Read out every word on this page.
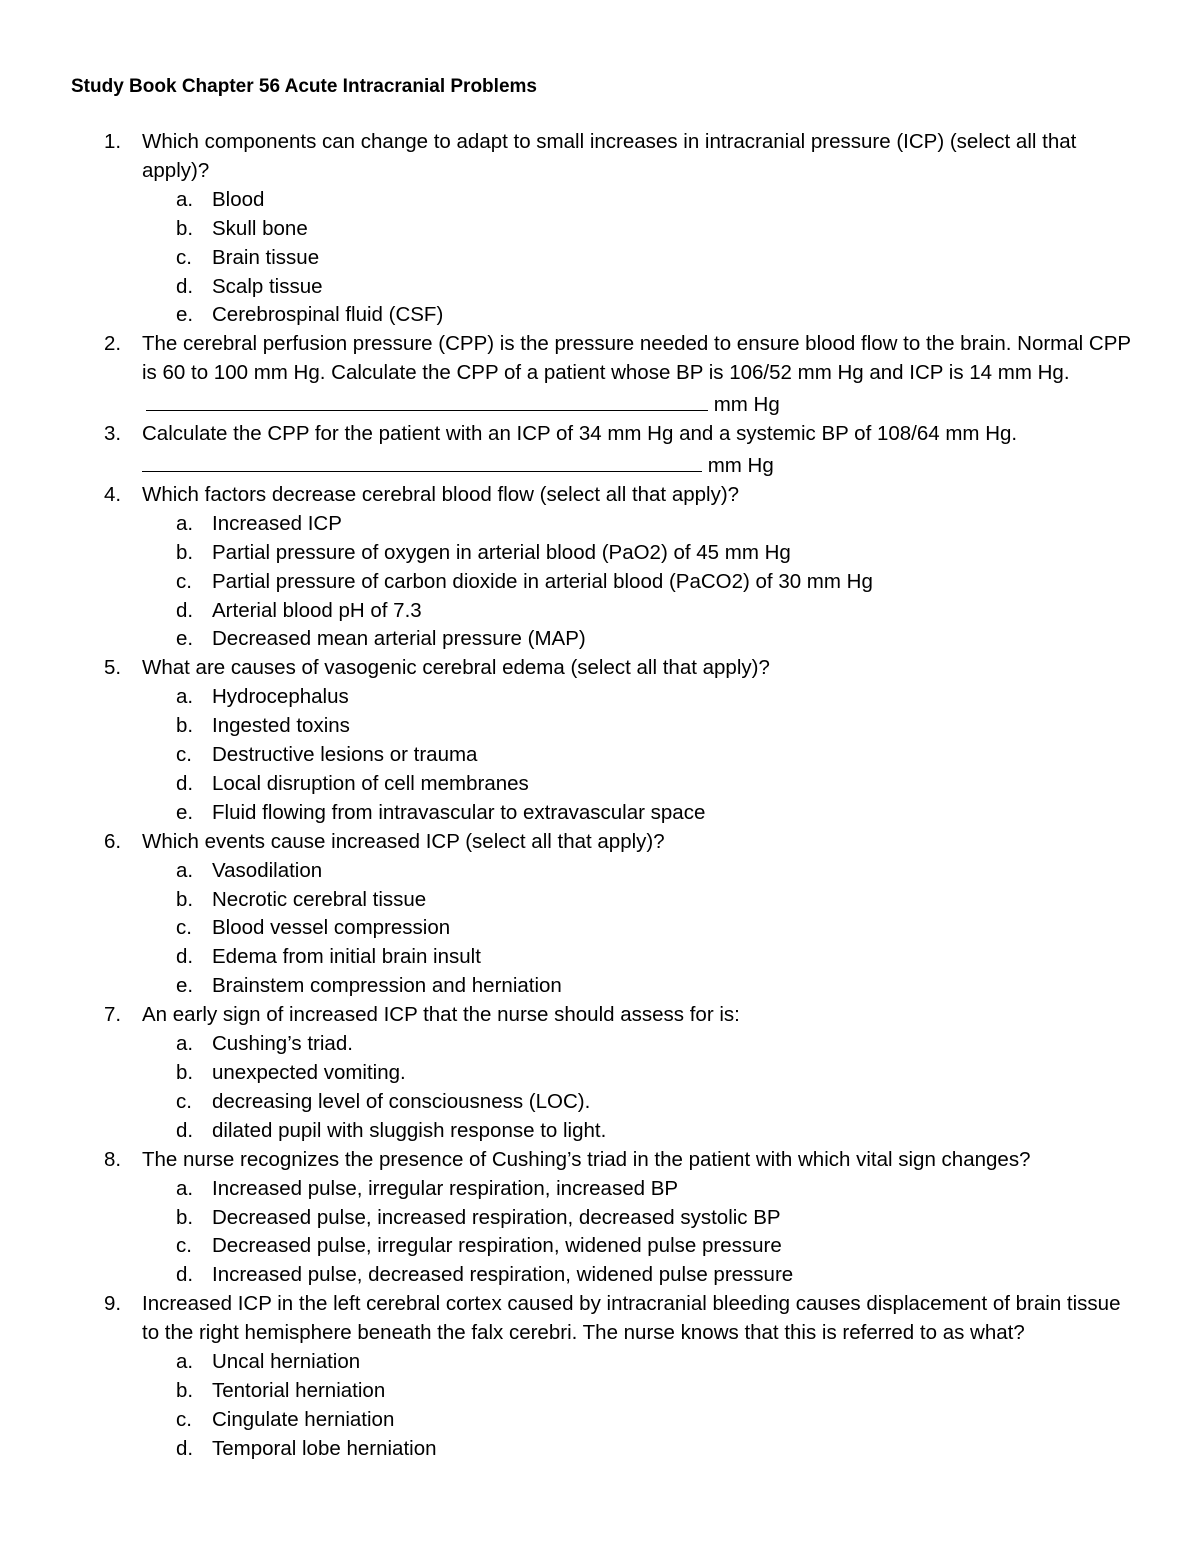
Study Book Chapter 56 Acute Intracranial Problems
1.	Which components can change to adapt to small increases in intracranial pressure (ICP) (select all that apply)?
a. Blood
b. Skull bone
c. Brain tissue
d. Scalp tissue
e. Cerebrospinal fluid (CSF)
2.	The cerebral perfusion pressure (CPP) is the pressure needed to ensure blood flow to the brain. Normal CPP is 60 to 100 mm Hg. Calculate the CPP of a patient whose BP is 106/52 mm Hg and ICP is 14 mm Hg. mm Hg
3.	Calculate the CPP for the patient with an ICP of 34 mm Hg and a systemic BP of 108/64 mm Hg.
mm Hg
4.	Which factors decrease cerebral blood flow (select all that apply)?
a. Increased ICP
b. Partial pressure of oxygen in arterial blood (PaO2) of 45 mm Hg
c. Partial pressure of carbon dioxide in arterial blood (PaCO2) of 30 mm Hg
d. Arterial blood pH of 7.3
e. Decreased mean arterial pressure (MAP)
5.	What are causes of vasogenic cerebral edema (select all that apply)?
a. Hydrocephalus
b. Ingested toxins
c. Destructive lesions or trauma
d. Local disruption of cell membranes
e. Fluid flowing from intravascular to extravascular space
6.	Which events cause increased ICP (select all that apply)?
a. Vasodilation
b. Necrotic cerebral tissue
c. Blood vessel compression
d. Edema from initial brain insult
e. Brainstem compression and herniation
7.	An early sign of increased ICP that the nurse should assess for is:
a. Cushing’s triad.
b. unexpected vomiting.
c. decreasing level of consciousness (LOC).
d. dilated pupil with sluggish response to light.
8.	The nurse recognizes the presence of Cushing’s triad in the patient with which vital sign changes?
a. Increased pulse, irregular respiration, increased BP
b. Decreased pulse, increased respiration, decreased systolic BP
c. Decreased pulse, irregular respiration, widened pulse pressure
d. Increased pulse, decreased respiration, widened pulse pressure
9.	Increased ICP in the left cerebral cortex caused by intracranial bleeding causes displacement of brain tissue to the right hemisphere beneath the falx cerebri. The nurse knows that this is referred to as what?
a. Uncal herniation
b. Tentorial herniation
c. Cingulate herniation
d. Temporal lobe herniation
